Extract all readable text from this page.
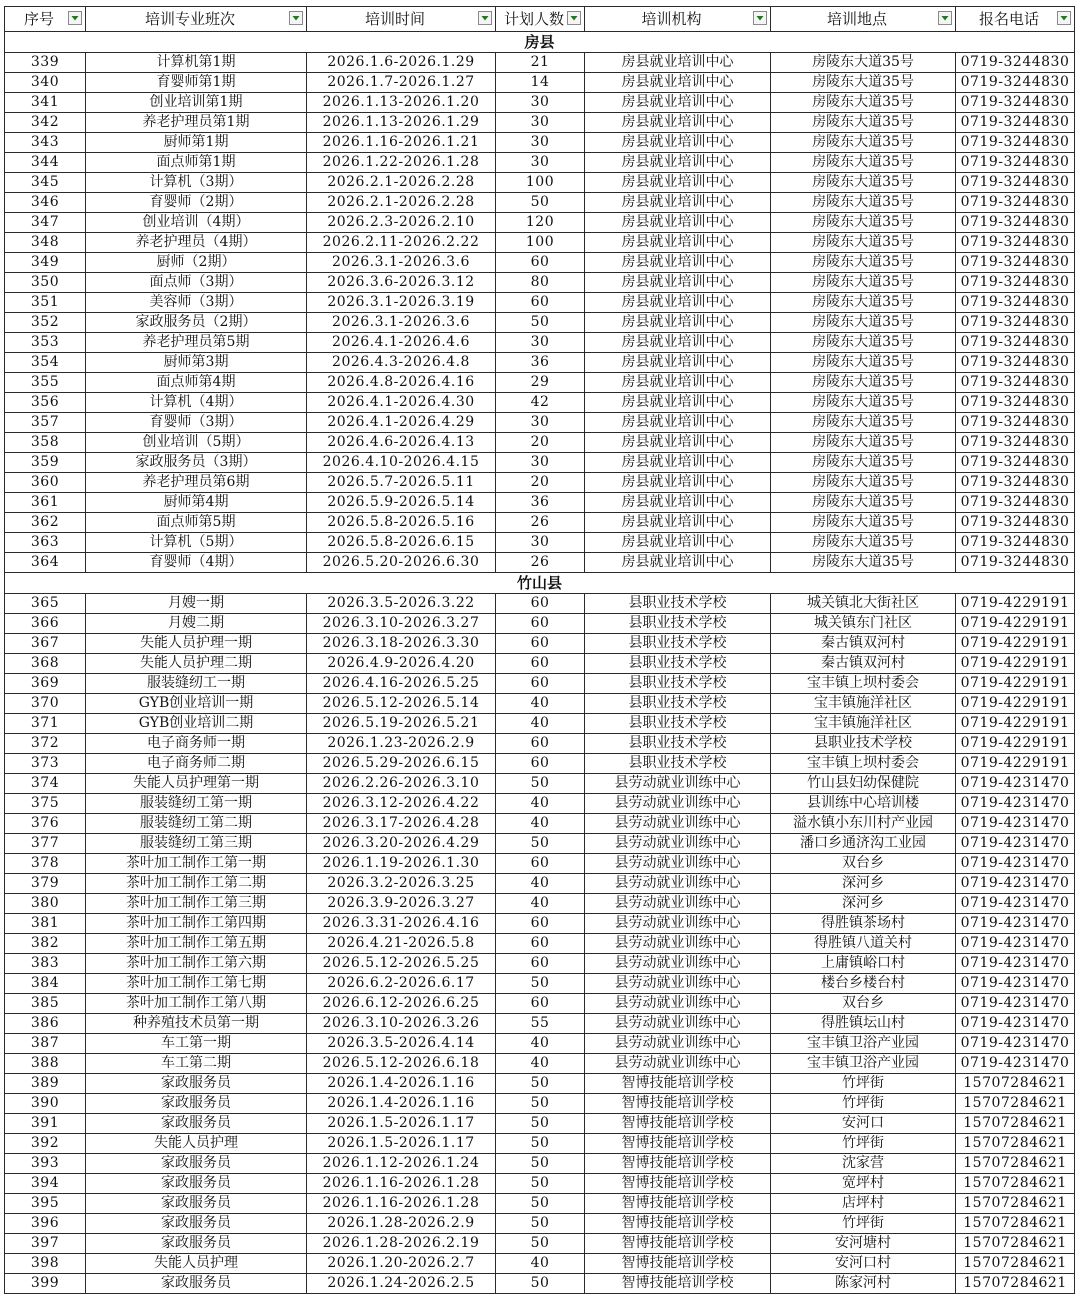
序号	培训专业班次	培训时间	计划人数	培训机构	培训地点	报名电话

房县						
339	计算机第1期	2026.1.6-2026.1.29	21	房县就业培训中心	房陵东大道35号	0719-3244830
340	育婴师第1期	2026.1.7-2026.1.27	14	房县就业培训中心	房陵东大道35号	0719-3244830
341	创业培训第1期	2026.1.13-2026.1.20	30	房县就业培训中心	房陵东大道35号	0719-3244830
342	养老护理员第1期	2026.1.13-2026.1.29	30	房县就业培训中心	房陵东大道35号	0719-3244830
343	厨师第1期	2026.1.16-2026.1.21	30	房县就业培训中心	房陵东大道35号	0719-3244830
344	面点师第1期	2026.1.22-2026.1.28	30	房县就业培训中心	房陵东大道35号	0719-3244830
345	计算机（3期）	2026.2.1-2026.2.28	100	房县就业培训中心	房陵东大道35号	0719-3244830
346	育婴师（2期）	2026.2.1-2026.2.28	50	房县就业培训中心	房陵东大道35号	0719-3244830
347	创业培训（4期）	2026.2.3-2026.2.10	120	房县就业培训中心	房陵东大道35号	0719-3244830
348	养老护理员（4期）	2026.2.11-2026.2.22	100	房县就业培训中心	房陵东大道35号	0719-3244830
349	厨师（2期）	2026.3.1-2026.3.6	60	房县就业培训中心	房陵东大道35号	0719-3244830
350	面点师（3期）	2026.3.6-2026.3.12	80	房县就业培训中心	房陵东大道35号	0719-3244830
351	美容师（3期）	2026.3.1-2026.3.19	60	房县就业培训中心	房陵东大道35号	0719-3244830
352	家政服务员（2期）	2026.3.1-2026.3.6	50	房县就业培训中心	房陵东大道35号	0719-3244830
353	养老护理员第5期	2026.4.1-2026.4.6	30	房县就业培训中心	房陵东大道35号	0719-3244830
354	厨师第3期	2026.4.3-2026.4.8	36	房县就业培训中心	房陵东大道35号	0719-3244830
355	面点师第4期	2026.4.8-2026.4.16	29	房县就业培训中心	房陵东大道35号	0719-3244830
356	计算机（4期）	2026.4.1-2026.4.30	42	房县就业培训中心	房陵东大道35号	0719-3244830
357	育婴师（3期）	2026.4.1-2026.4.29	30	房县就业培训中心	房陵东大道35号	0719-3244830
358	创业培训（5期）	2026.4.6-2026.4.13	20	房县就业培训中心	房陵东大道35号	0719-3244830
359	家政服务员（3期）	2026.4.10-2026.4.15	30	房县就业培训中心	房陵东大道35号	0719-3244830
360	养老护理员第6期	2026.5.7-2026.5.11	20	房县就业培训中心	房陵东大道35号	0719-3244830
361	厨师第4期	2026.5.9-2026.5.14	36	房县就业培训中心	房陵东大道35号	0719-3244830
362	面点师第5期	2026.5.8-2026.5.16	26	房县就业培训中心	房陵东大道35号	0719-3244830
363	计算机（5期）	2026.5.8-2026.6.15	30	房县就业培训中心	房陵东大道35号	0719-3244830
364	育婴师（4期）	2026.5.20-2026.6.30	26	房县就业培训中心	房陵东大道35号	0719-3244830
竹山县						
365	月嫂一期	2026.3.5-2026.3.22	60	县职业技术学校	城关镇北大街社区	0719-4229191
366	月嫂二期	2026.3.10-2026.3.27	60	县职业技术学校	城关镇东门社区	0719-4229191
367	失能人员护理一期	2026.3.18-2026.3.30	60	县职业技术学校	秦古镇双河村	0719-4229191
368	失能人员护理二期	2026.4.9-2026.4.20	60	县职业技术学校	秦古镇双河村	0719-4229191
369	服装缝纫工一期	2026.4.16-2026.5.25	60	县职业技术学校	宝丰镇上坝村委会	0719-4229191
370	GYB创业培训一期	2026.5.12-2026.5.14	40	县职业技术学校	宝丰镇施洋社区	0719-4229191
371	GYB创业培训二期	2026.5.19-2026.5.21	40	县职业技术学校	宝丰镇施洋社区	0719-4229191
372	电子商务师一期	2026.1.23-2026.2.9	60	县职业技术学校	县职业技术学校	0719-4229191
373	电子商务师二期	2026.5.29-2026.6.15	60	县职业技术学校	宝丰镇上坝村委会	0719-4229191
374	失能人员护理第一期	2026.2.26-2026.3.10	50	县劳动就业训练中心	竹山县妇幼保健院	0719-4231470
375	服装缝纫工第一期	2026.3.12-2026.4.22	40	县劳动就业训练中心	县训练中心培训楼	0719-4231470
376	服装缝纫工第二期	2026.3.17-2026.4.28	40	县劳动就业训练中心	溢水镇小东川村产业园	0719-4231470
377	服装缝纫工第三期	2026.3.20-2026.4.29	50	县劳动就业训练中心	潘口乡通济沟工业园	0719-4231470
378	茶叶加工制作工第一期	2026.1.19-2026.1.30	60	县劳动就业训练中心	双台乡	0719-4231470
379	茶叶加工制作工第二期	2026.3.2-2026.3.25	40	县劳动就业训练中心	深河乡	0719-4231470
380	茶叶加工制作工第三期	2026.3.9-2026.3.27	40	县劳动就业训练中心	深河乡	0719-4231470
381	茶叶加工制作工第四期	2026.3.31-2026.4.16	60	县劳动就业训练中心	得胜镇茶场村	0719-4231470
382	茶叶加工制作工第五期	2026.4.21-2026.5.8	60	县劳动就业训练中心	得胜镇八道关村	0719-4231470
383	茶叶加工制作工第六期	2026.5.12-2026.5.25	60	县劳动就业训练中心	上庸镇峪口村	0719-4231470
384	茶叶加工制作工第七期	2026.6.2-2026.6.17	50	县劳动就业训练中心	楼台乡楼台村	0719-4231470
385	茶叶加工制作工第八期	2026.6.12-2026.6.25	60	县劳动就业训练中心	双台乡	0719-4231470
386	种养殖技术员第一期	2026.3.10-2026.3.26	55	县劳动就业训练中心	得胜镇坛山村	0719-4231470
387	车工第一期	2026.3.5-2026.4.14	40	县劳动就业训练中心	宝丰镇卫浴产业园	0719-4231470
388	车工第二期	2026.5.12-2026.6.18	40	县劳动就业训练中心	宝丰镇卫浴产业园	0719-4231470
389	家政服务员	2026.1.4-2026.1.16	50	智博技能培训学校	竹坪街	15707284621
390	家政服务员	2026.1.4-2026.1.16	50	智博技能培训学校	竹坪街	15707284621
391	家政服务员	2026.1.5-2026.1.17	50	智博技能培训学校	安河口	15707284621
392	失能人员护理	2026.1.5-2026.1.17	50	智博技能培训学校	竹坪街	15707284621
393	家政服务员	2026.1.12-2026.1.24	50	智博技能培训学校	沈家营	15707284621
394	家政服务员	2026.1.16-2026.1.28	50	智博技能培训学校	宽坪村	15707284621
395	家政服务员	2026.1.16-2026.1.28	50	智博技能培训学校	店坪村	15707284621
396	家政服务员	2026.1.28-2026.2.9	50	智博技能培训学校	竹坪街	15707284621
397	家政服务员	2026.1.28-2026.2.19	50	智博技能培训学校	安河塘村	15707284621
398	失能人员护理	2026.1.20-2026.2.7	40	智博技能培训学校	安河口村	15707284621
399	家政服务员	2026.1.24-2026.2.5	50	智博技能培训学校	陈家河村	15707284621
